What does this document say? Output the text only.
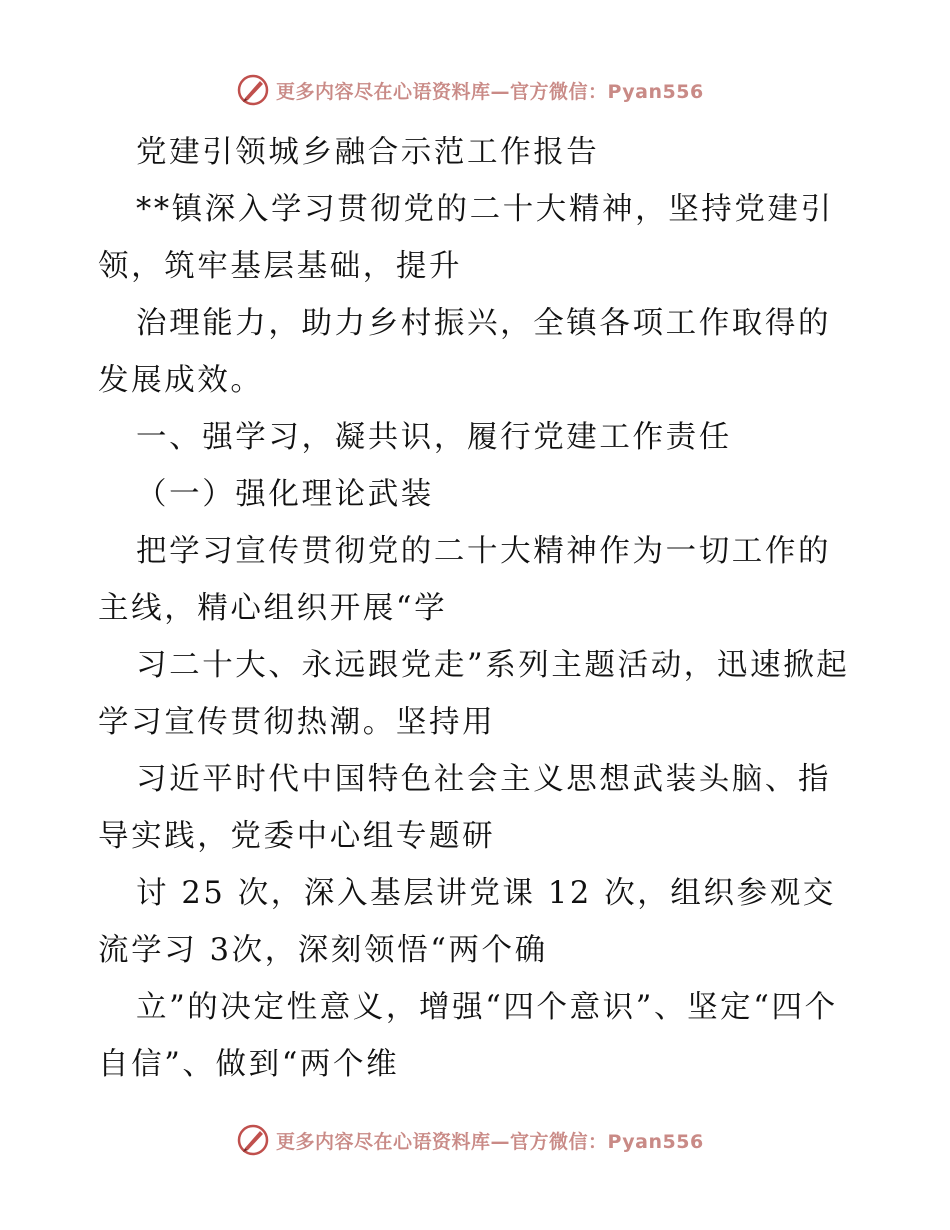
更多内容尽在心语资料库—官方微信：Pyan556

党建引领城乡融合示范工作报告

**镇深入学习贯彻党的二十大精神，坚持党建引领，筑牢基层基础，提升

治理能力，助力乡村振兴，全镇各项工作取得的发展成效。

一、强学习，凝共识，履行党建工作责任

（一）强化理论武装

把学习宣传贯彻党的二十大精神作为一切工作的主线，精心组织开展“学

习二十大、永远跟党走”系列主题活动，迅速掀起学习宣传贯彻热潮。坚持用

习近平时代中国特色社会主义思想武装头脑、指导实践，党委中心组专题研

讨 25 次，深入基层讲党课 12 次，组织参观交流学习 3次，深刻领悟“两个确

立”的决定性意义，增强“四个意识”、坚定“四个自信”、做到“两个维

更多内容尽在心语资料库—官方微信：Pyan556
